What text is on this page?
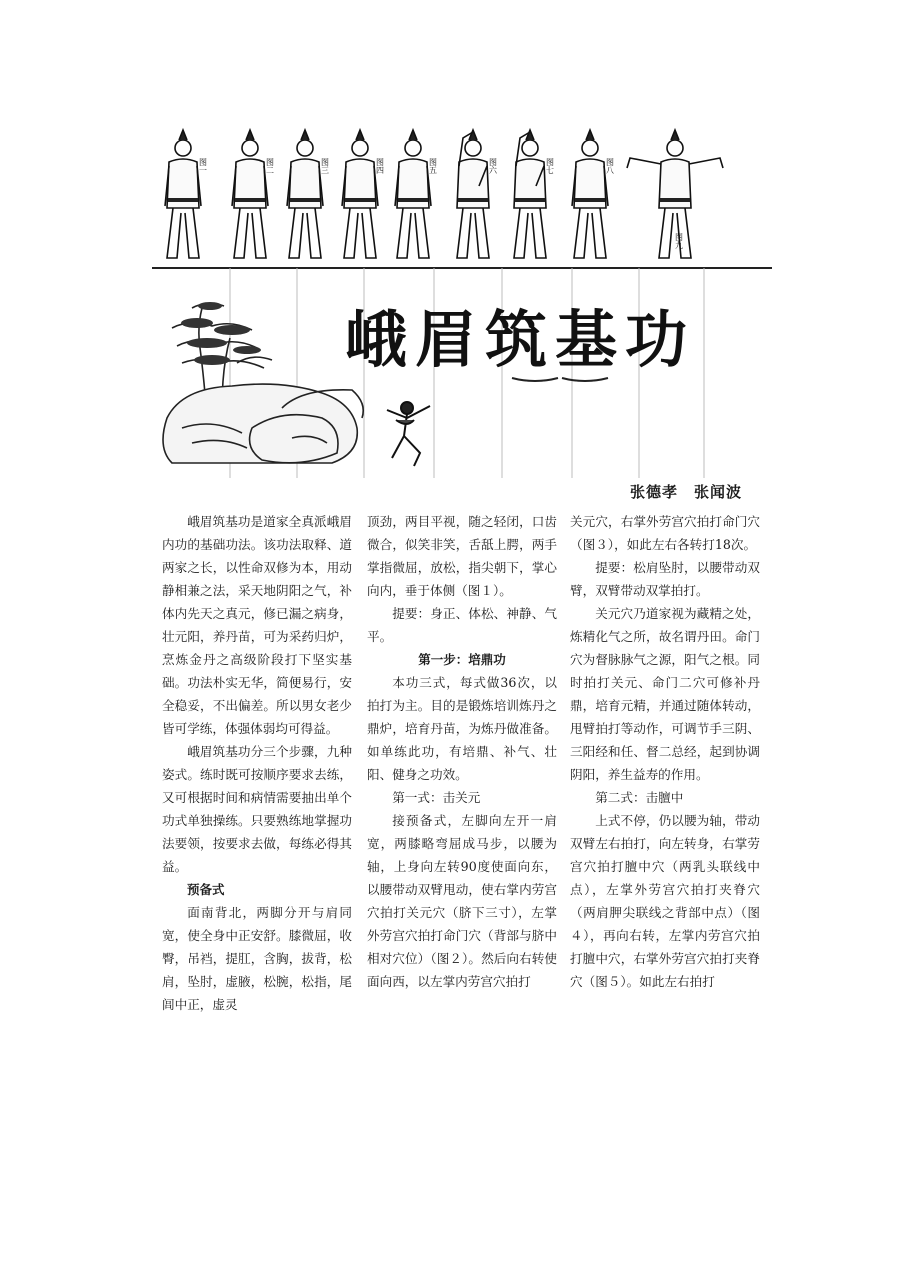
图一	图二	图三	图四	图五	图六	图七	图八
图九
峨眉筑基功
张德孝　张闻波

峨眉筑基功是道家全真派峨眉内功的基础功法。该功法取释、道两家之长，以性命双修为本，用动静相兼之法，采天地阴阳之气，补体内先天之真元，修已漏之病身，壮元阳，养丹苗，可为采药归炉，烹炼金丹之高级阶段打下坚实基础。功法朴实无华，简便易行，安全稳妥，不出偏差。所以男女老少皆可学练，体强体弱均可得益。

峨眉筑基功分三个步骤，九种姿式。练时既可按顺序要求去练，又可根据时间和病情需要抽出单个功式单独操练。只要熟练地掌握功法要领，按要求去做，每练必得其益。

预备式

面南背北，两脚分开与肩同宽，使全身中正安舒。膝微屈，收臀，吊裆，提肛，含胸，拔背，松肩，坠肘，虚腋，松腕，松指，尾闾中正，虚灵

顶劲，两目平视，随之轻闭，口齿微合，似笑非笑，舌舐上腭，两手掌指微屈，放松，指尖朝下，掌心向内，垂于体侧（图１）。

提要：身正、体松、神静、气平。

第一步：培鼎功

本功三式，每式做36次，以拍打为主。目的是锻炼培训炼丹之鼎炉，培育丹苗，为炼丹做准备。如单练此功，有培鼎、补气、壮阳、健身之功效。

第一式：击关元

接预备式，左脚向左开一肩宽，两膝略弯屈成马步，以腰为轴，上身向左转90度使面向东，以腰带动双臂甩动，使右掌内劳宫穴拍打关元穴（脐下三寸），左掌外劳宫穴拍打命门穴（背部与脐中相对穴位）（图２）。然后向右转使面向西，以左掌内劳宫穴拍打

关元穴，右掌外劳宫穴拍打命门穴（图３），如此左右各转打18次。

提要：松肩坠肘，以腰带动双臂，双臂带动双掌拍打。

关元穴乃道家视为藏精之处，炼精化气之所，故名谓丹田。命门穴为督脉脉气之源，阳气之根。同时拍打关元、命门二穴可修补丹鼎，培育元精，并通过随体转动，甩臂拍打等动作，可调节手三阴、三阳经和任、督二总经，起到协调阴阳，养生益寿的作用。

第二式：击膻中

上式不停，仍以腰为轴，带动双臂左右拍打，向左转身，右掌劳宫穴拍打膻中穴（两乳头联线中点），左掌外劳宫穴拍打夹脊穴（两肩胛尖联线之背部中点）（图４），再向右转，左掌内劳宫穴拍打膻中穴，右掌外劳宫穴拍打夹脊穴（图５）。如此左右拍打
